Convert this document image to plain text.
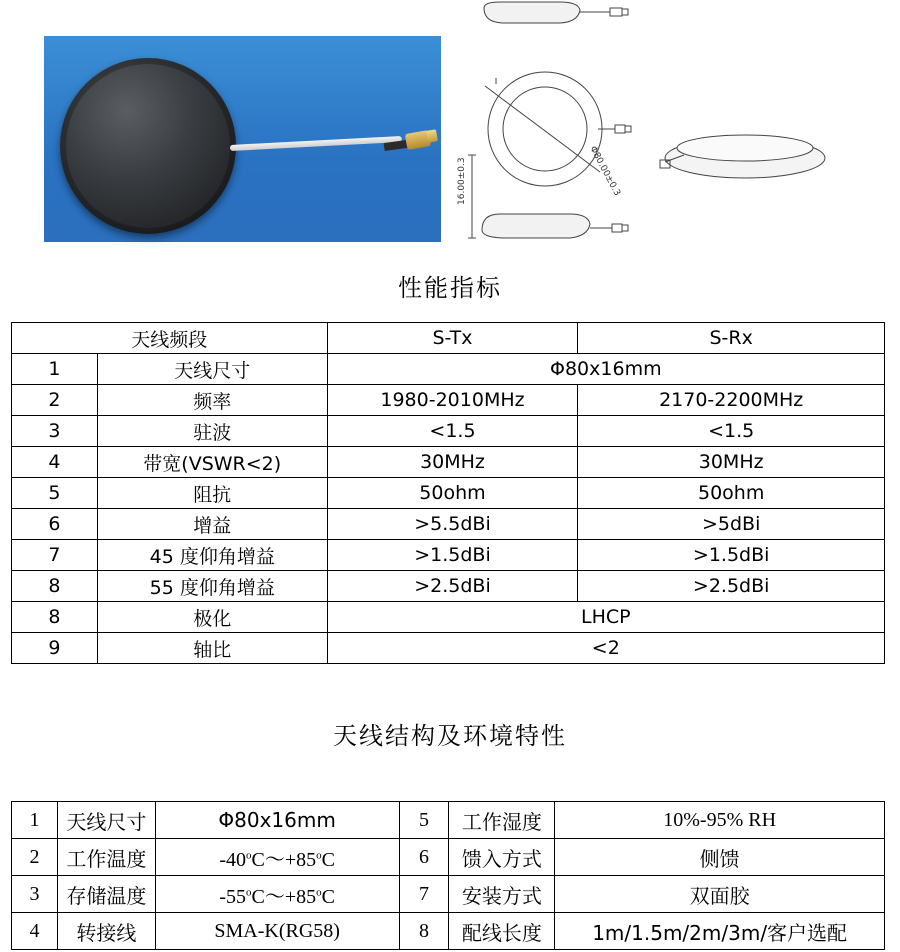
Φ80.00±0.3
16.00±0.3
性能指标
天线频段		S-Tx	S-Rx
1	天线尺寸	Φ80x16mm	
2	频率	1980-2010MHz	2170-2200MHz
3	驻波	<1.5	<1.5
4	带宽(VSWR<2)	30MHz	30MHz
5	阻抗	50ohm	50ohm
6	增益	>5.5dBi	>5dBi
7	45 度仰角增益	>1.5dBi	>1.5dBi
8	55 度仰角增益	>2.5dBi	>2.5dBi
8	极化	LHCP	
9	轴比	<2	
天线结构及环境特性
1	天线尺寸	Φ80x16mm	5	工作湿度	10%-95% RH
2	工作温度	$-40^oC\sim+85^oC$	6	馈入方式	侧馈
3	存储温度	$-55^oC\sim+85^oC$	7	安装方式	双面胶
4	转接线	SMA-K(RG58)	8	配线长度	1m/1.5m/2m/3m/客户选配
